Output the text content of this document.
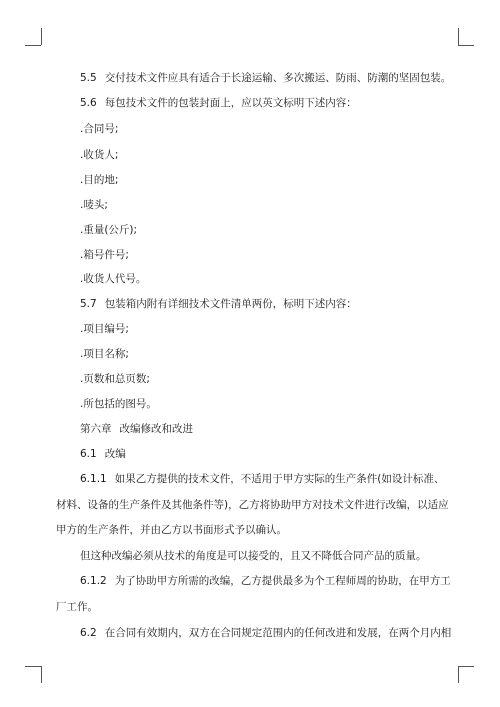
5.5 交付技术文件应具有适合于长途运输、多次搬运、防雨、防潮的坚固包装。
5.6 每包技术文件的包装封面上，应以英文标明下述内容：
.合同号;
.收货人;
.目的地;
.唛头;
.重量(公斤);
.箱号件号;
.收货人代号。
5.7 包装箱内附有详细技术文件清单两份，标明下述内容：
.项目编号;
.项目名称;
.页数和总页数;
.所包括的图号。
第六章 改编修改和改进
6.1 改编
6.1.1 如果乙方提供的技术文件，不适用于甲方实际的生产条件(如设计标准、
材料、设备的生产条件及其他条件等)，乙方将协助甲方对技术文件进行改编，以适应
甲方的生产条件，并由乙方以书面形式予以确认。
但这种改编必须从技术的角度是可以接受的，且又不降低合同产品的质量。
6.1.2 为了协助甲方所需的改编，乙方提供最多为个工程师周的协助，在甲方工
厂工作。
6.2 在合同有效期内，双方在合同规定范围内的任何改进和发展，在两个月内相
